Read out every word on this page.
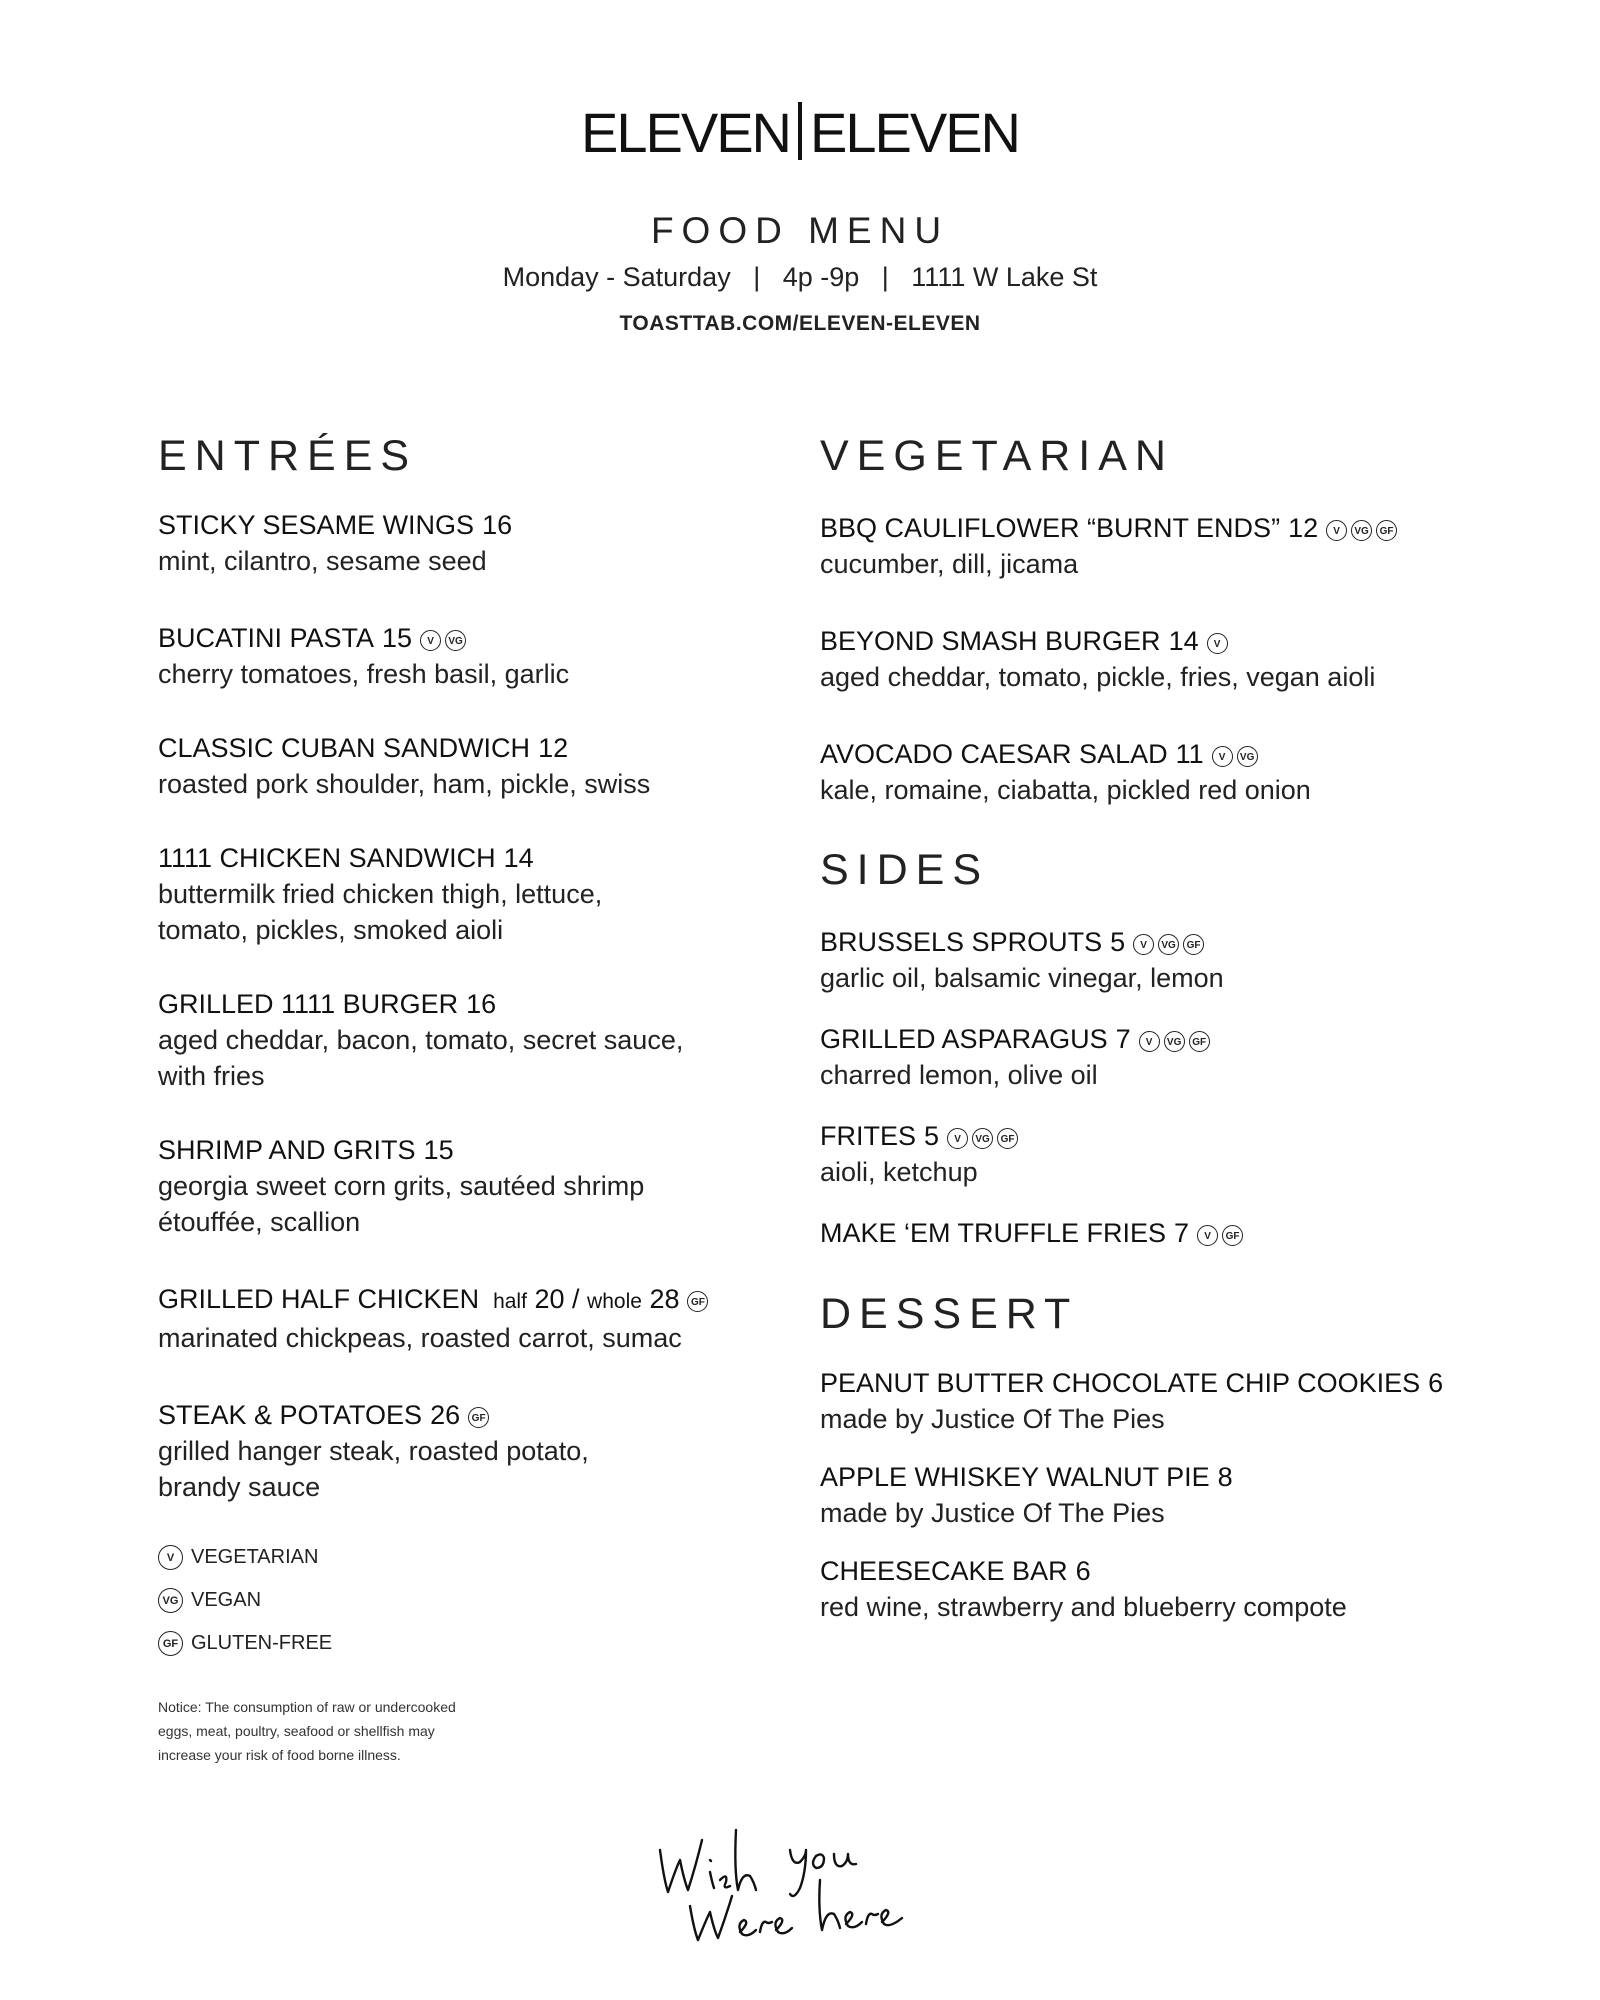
ELEVEN ELEVEN
FOOD MENU
Monday - Saturday   |   4p -9p   |   1111 W Lake St
TOASTTAB.COM/ELEVEN-ELEVEN
ENTRÉES
STICKY SESAME WINGS 16
mint, cilantro, sesame seed
BUCATINI PASTA 15 V VG
cherry tomatoes, fresh basil, garlic
CLASSIC CUBAN SANDWICH 12
roasted pork shoulder, ham, pickle, swiss
1111 CHICKEN SANDWICH 14
buttermilk fried chicken thigh, lettuce,
tomato, pickles, smoked aioli
GRILLED 1111 BURGER 16
aged cheddar, bacon, tomato, secret sauce,
with fries
SHRIMP AND GRITS 15
georgia sweet corn grits, sautéed shrimp
étouffée, scallion
GRILLED HALF CHICKEN half 20 / whole 28 GF
marinated chickpeas, roasted carrot, sumac
STEAK & POTATOES 26 GF
grilled hanger steak, roasted potato,
brandy sauce
VEGETARIAN
BBQ CAULIFLOWER “BURNT ENDS” 12 V VG GF
cucumber, dill, jicama
BEYOND SMASH BURGER 14 V
aged cheddar, tomato, pickle, fries, vegan aioli
AVOCADO CAESAR SALAD 11 V VG
kale, romaine, ciabatta, pickled red onion
SIDES
BRUSSELS SPROUTS 5 V VG GF
garlic oil, balsamic vinegar, lemon
GRILLED ASPARAGUS 7 V VG GF
charred lemon, olive oil
FRITES 5 V VG GF
aioli, ketchup
MAKE ‘EM TRUFFLE FRIES 7 V GF
DESSERT
PEANUT BUTTER CHOCOLATE CHIP COOKIES 6
made by Justice Of The Pies
APPLE WHISKEY WALNUT PIE 8
made by Justice Of The Pies
CHEESECAKE BAR 6
red wine, strawberry and blueberry compote
V VEGETARIAN
VG VEGAN
GF GLUTEN-FREE
Notice: The consumption of raw or undercooked
eggs, meat, poultry, seafood or shellfish may
increase your risk of food borne illness.
